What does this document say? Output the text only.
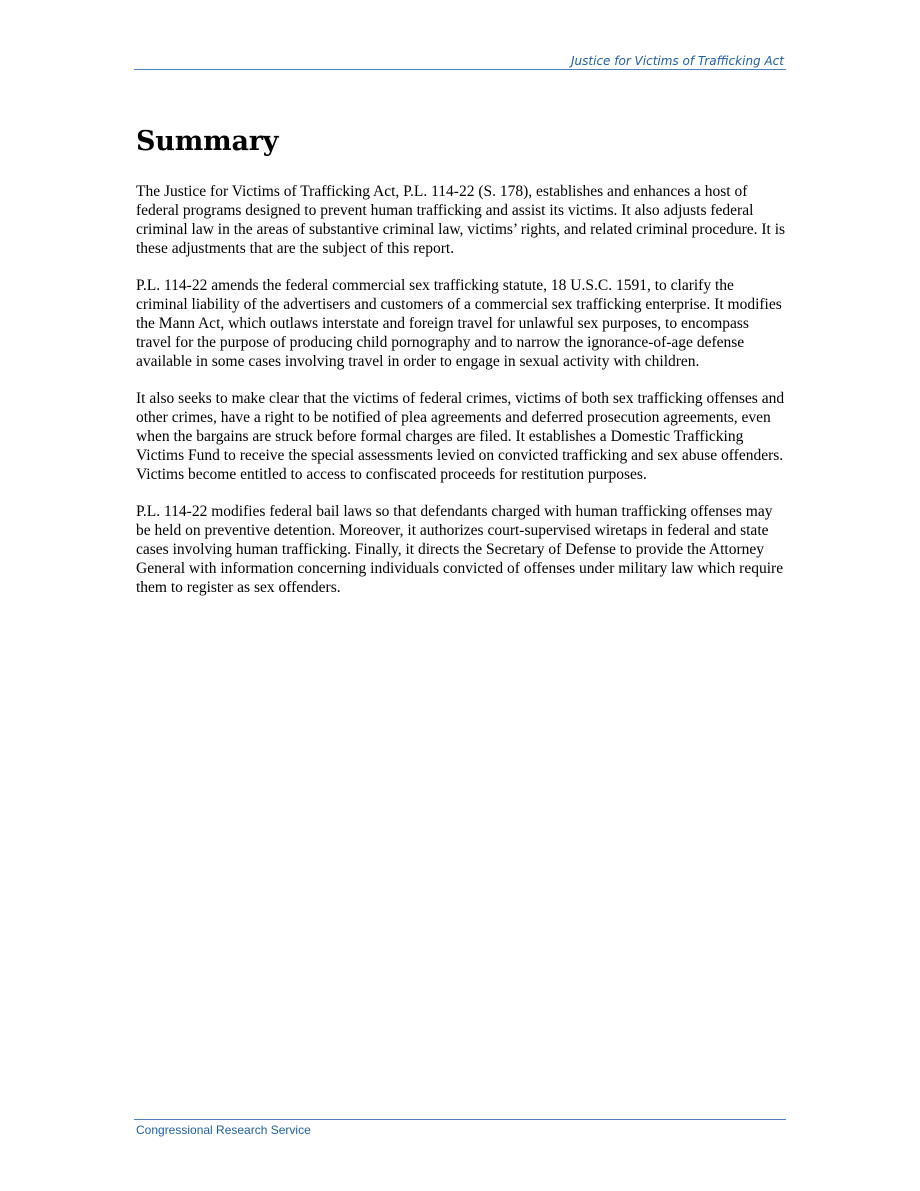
Justice for Victims of Trafficking Act
Summary

The Justice for Victims of Trafficking Act, P.L. 114-22 (S. 178), establishes and enhances a host of federal programs designed to prevent human trafficking and assist its victims. It also adjusts federal criminal law in the areas of substantive criminal law, victims’ rights, and related criminal procedure. It is these adjustments that are the subject of this report.

P.L. 114-22 amends the federal commercial sex trafficking statute, 18 U.S.C. 1591, to clarify the criminal liability of the advertisers and customers of a commercial sex trafficking enterprise. It modifies the Mann Act, which outlaws interstate and foreign travel for unlawful sex purposes, to encompass travel for the purpose of producing child pornography and to narrow the ignorance-of-age defense available in some cases involving travel in order to engage in sexual activity with children.

It also seeks to make clear that the victims of federal crimes, victims of both sex trafficking offenses and other crimes, have a right to be notified of plea agreements and deferred prosecution agreements, even when the bargains are struck before formal charges are filed. It establishes a Domestic Trafficking Victims Fund to receive the special assessments levied on convicted trafficking and sex abuse offenders. Victims become entitled to access to confiscated proceeds for restitution purposes.

P.L. 114-22 modifies federal bail laws so that defendants charged with human trafficking offenses may be held on preventive detention. Moreover, it authorizes court-supervised wiretaps in federal and state cases involving human trafficking. Finally, it directs the Secretary of Defense to provide the Attorney General with information concerning individuals convicted of offenses under military law which require them to register as sex offenders.

Congressional Research Service
